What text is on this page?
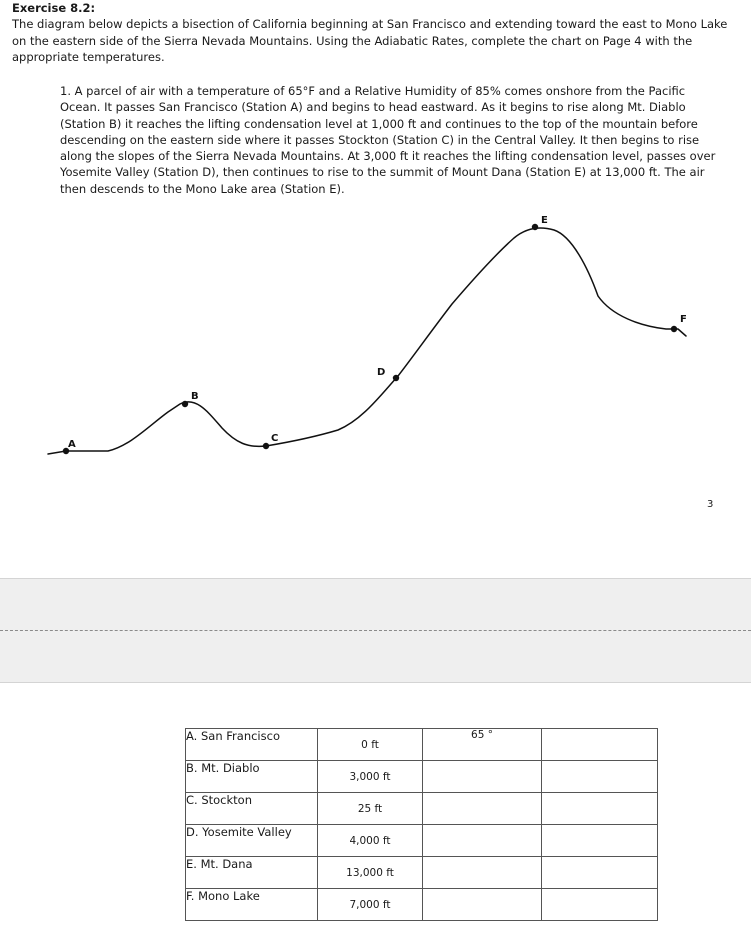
Exercise 8.2:
The diagram below depicts a bisection of California beginning at San Francisco and extending toward the east to Mono Lake on the eastern side of the Sierra Nevada Mountains. Using the Adiabatic Rates, complete the chart on Page 4 with the appropriate temperatures.
1. A parcel of air with a temperature of 65°F and a Relative Humidity of 85% comes onshore from the Pacific Ocean. It passes San Francisco (Station A) and begins to head eastward. As it begins to rise along Mt. Diablo (Station B) it reaches the lifting condensation level at 1,000 ft and continues to the top of the mountain before descending on the eastern side where it passes Stockton (Station C) in the Central Valley. It then begins to rise along the slopes of the Sierra Nevada Mountains. At 3,000 ft it reaches the lifting condensation level, passes over Yosemite Valley (Station D), then continues to rise to the summit of Mount Dana (Station E) at 13,000 ft. The air then descends to the Mono Lake area (Station E).
A
B
C
D
E
F
3
A. San Francisco	0 ft	65 °	
B. Mt. Diablo	3,000 ft		
C. Stockton	25 ft		
D. Yosemite Valley	4,000 ft		
E. Mt. Dana	13,000 ft		
F. Mono Lake	7,000 ft		
